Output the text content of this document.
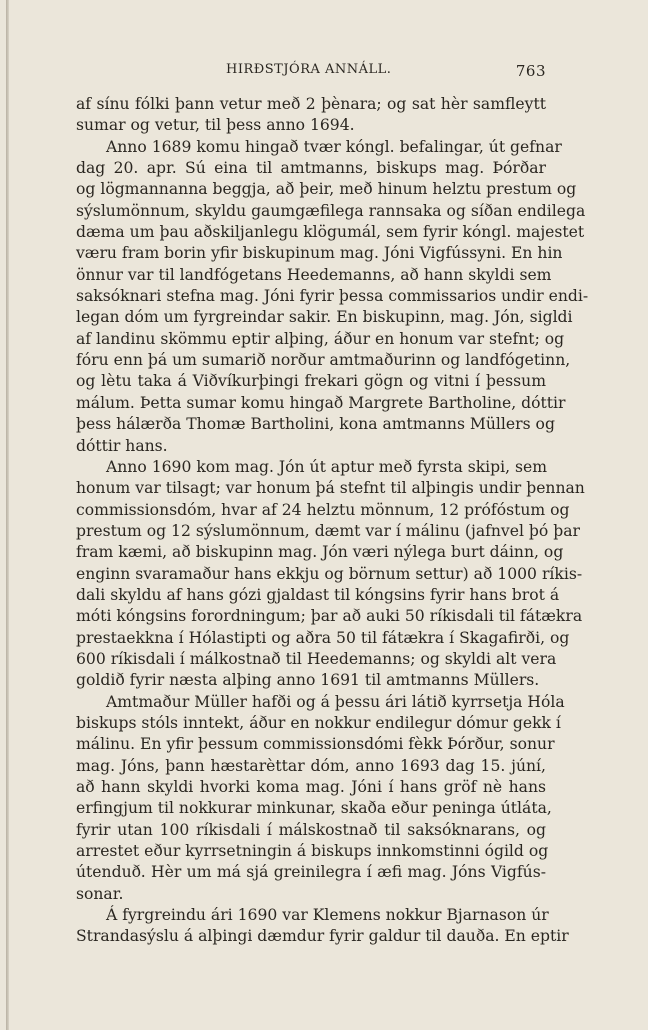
HIRÐSTJÓRA ANNÁLL.	763
af sínu fólki þann vetur með 2 þènara; og sat hèr samfleytt
sumar og vetur, til þess anno 1694.
Anno 1689 komu hingað tvær kóngl. befalingar, út gefnar
dag 20. apr. Sú eina til amtmanns, biskups mag. Þórðar
og lögmannanna beggja, að þeir, með hinum helztu prestum og
sýslumönnum, skyldu gaumgæfilega rannsaka og síðan endilega
dæma um þau aðskiljanlegu klögumál, sem fyrir kóngl. majestet
væru fram borin yfir biskupinum mag. Jóni Vigfússyni. En hin
önnur var til landfógetans Heedemanns, að hann skyldi sem
saksóknari stefna mag. Jóni fyrir þessa commissarios undir endi-
legan dóm um fyrgreindar sakir. En biskupinn, mag. Jón, sigldi
af landinu skömmu eptir alþing, áður en honum var stefnt; og
fóru enn þá um sumarið norður amtmaðurinn og landfógetinn,
og lètu taka á Viðvíkurþingi frekari gögn og vitni í þessum
málum. Þetta sumar komu hingað Margrete Bartholine, dóttir
þess hálærða Thomæ Bartholini, kona amtmanns Müllers og
dóttir hans.
Anno 1690 kom mag. Jón út aptur með fyrsta skipi, sem
honum var tilsagt; var honum þá stefnt til alþingis undir þennan
commissionsdóm, hvar af 24 helztu mönnum, 12 prófóstum og
prestum og 12 sýslumönnum, dæmt var í málinu (jafnvel þó þar
fram kæmi, að biskupinn mag. Jón væri nýlega burt dáinn, og
enginn svaramaður hans ekkju og börnum settur) að 1000 ríkis-
dali skyldu af hans gózi gjaldast til kóngsins fyrir hans brot á
móti kóngsins forordningum; þar að auki 50 ríkisdali til fátækra
prestaekkna í Hólastipti og aðra 50 til fátækra í Skagafirði, og
600 ríkisdali í málkostnað til Heedemanns; og skyldi alt vera
goldið fyrir næsta alþing anno 1691 til amtmanns Müllers.
Amtmaður Müller hafði og á þessu ári látið kyrrsetja Hóla
biskups stóls inntekt, áður en nokkur endilegur dómur gekk í
málinu. En yfir þessum commissionsdómi fèkk Þórður, sonur
mag. Jóns, þann hæstarèttar dóm, anno 1693 dag 15. júní,
að hann skyldi hvorki koma mag. Jóni í hans gröf nè hans
erfingjum til nokkurar minkunar, skaða eður peninga útláta,
fyrir utan 100 ríkisdali í málskostnað til saksóknarans, og
arrestet eður kyrrsetningin á biskups innkomstinni ógild og
útenduð. Hèr um má sjá greinilegra í æfi mag. Jóns Vigfús-
sonar.
Á fyrgreindu ári 1690 var Klemens nokkur Bjarnason úr
Strandasýslu á alþingi dæmdur fyrir galdur til dauða. En eptir
